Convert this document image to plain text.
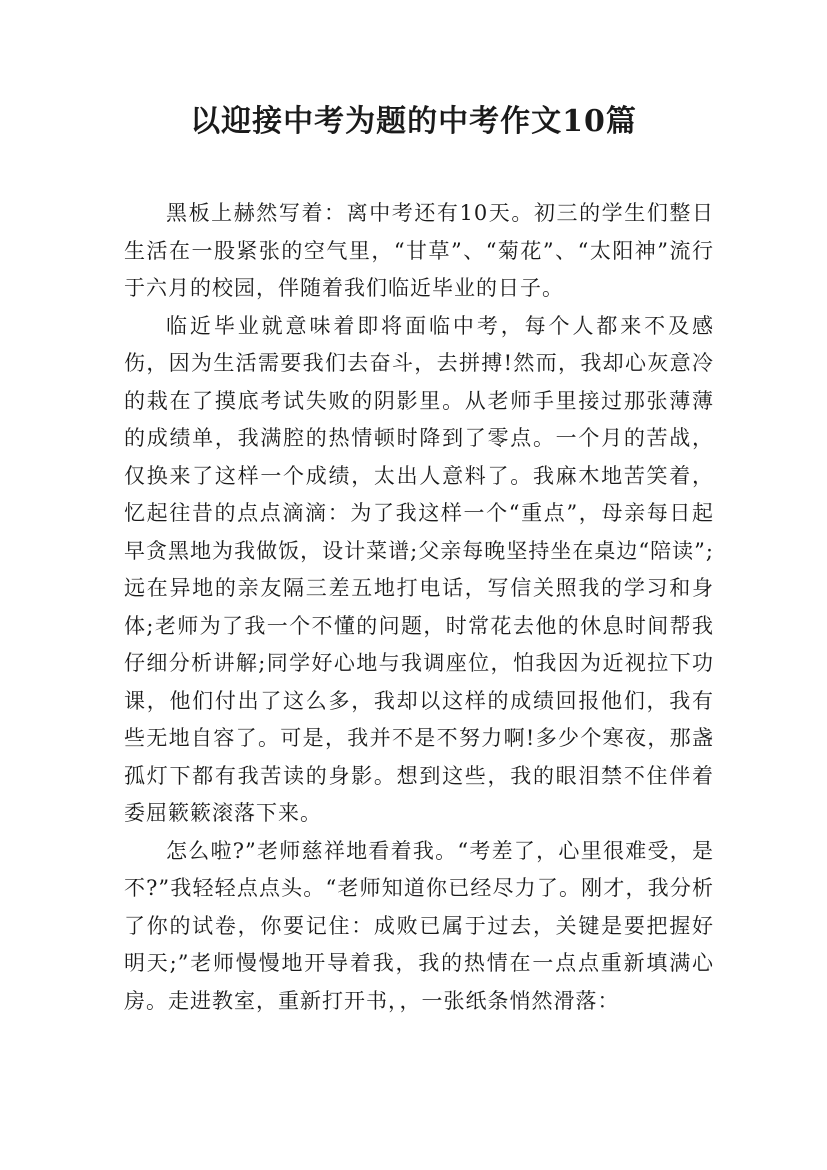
以迎接中考为题的中考作文10篇

黑板上赫然写着：离中考还有10天。初三的学生们整日生活在一股紧张的空气里，“甘草”、“菊花”、“太阳神”流行于六月的校园，伴随着我们临近毕业的日子。

临近毕业就意味着即将面临中考，每个人都来不及感伤，因为生活需要我们去奋斗，去拼搏!然而，我却心灰意冷的栽在了摸底考试失败的阴影里。从老师手里接过那张薄薄的成绩单，我满腔的热情顿时降到了零点。一个月的苦战，仅换来了这样一个成绩，太出人意料了。我麻木地苦笑着，忆起往昔的点点滴滴：为了我这样一个“重点”，母亲每日起早贪黑地为我做饭，设计菜谱;父亲每晚坚持坐在桌边“陪读”;远在异地的亲友隔三差五地打电话，写信关照我的学习和身体;老师为了我一个不懂的问题，时常花去他的休息时间帮我仔细分析讲解;同学好心地与我调座位，怕我因为近视拉下功课，他们付出了这么多，我却以这样的成绩回报他们，我有些无地自容了。可是，我并不是不努力啊!多少个寒夜，那盏孤灯下都有我苦读的身影。想到这些，我的眼泪禁不住伴着委屈簌簌滚落下来。

怎么啦?”老师慈祥地看着我。“考差了，心里很难受，是不?”我轻轻点点头。“老师知道你已经尽力了。刚才，我分析了你的试卷，你要记住：成败已属于过去，关键是要把握好明天;”老师慢慢地开导着我，我的热情在一点点重新填满心房。走进教室，重新打开书，，一张纸条悄然滑落：
